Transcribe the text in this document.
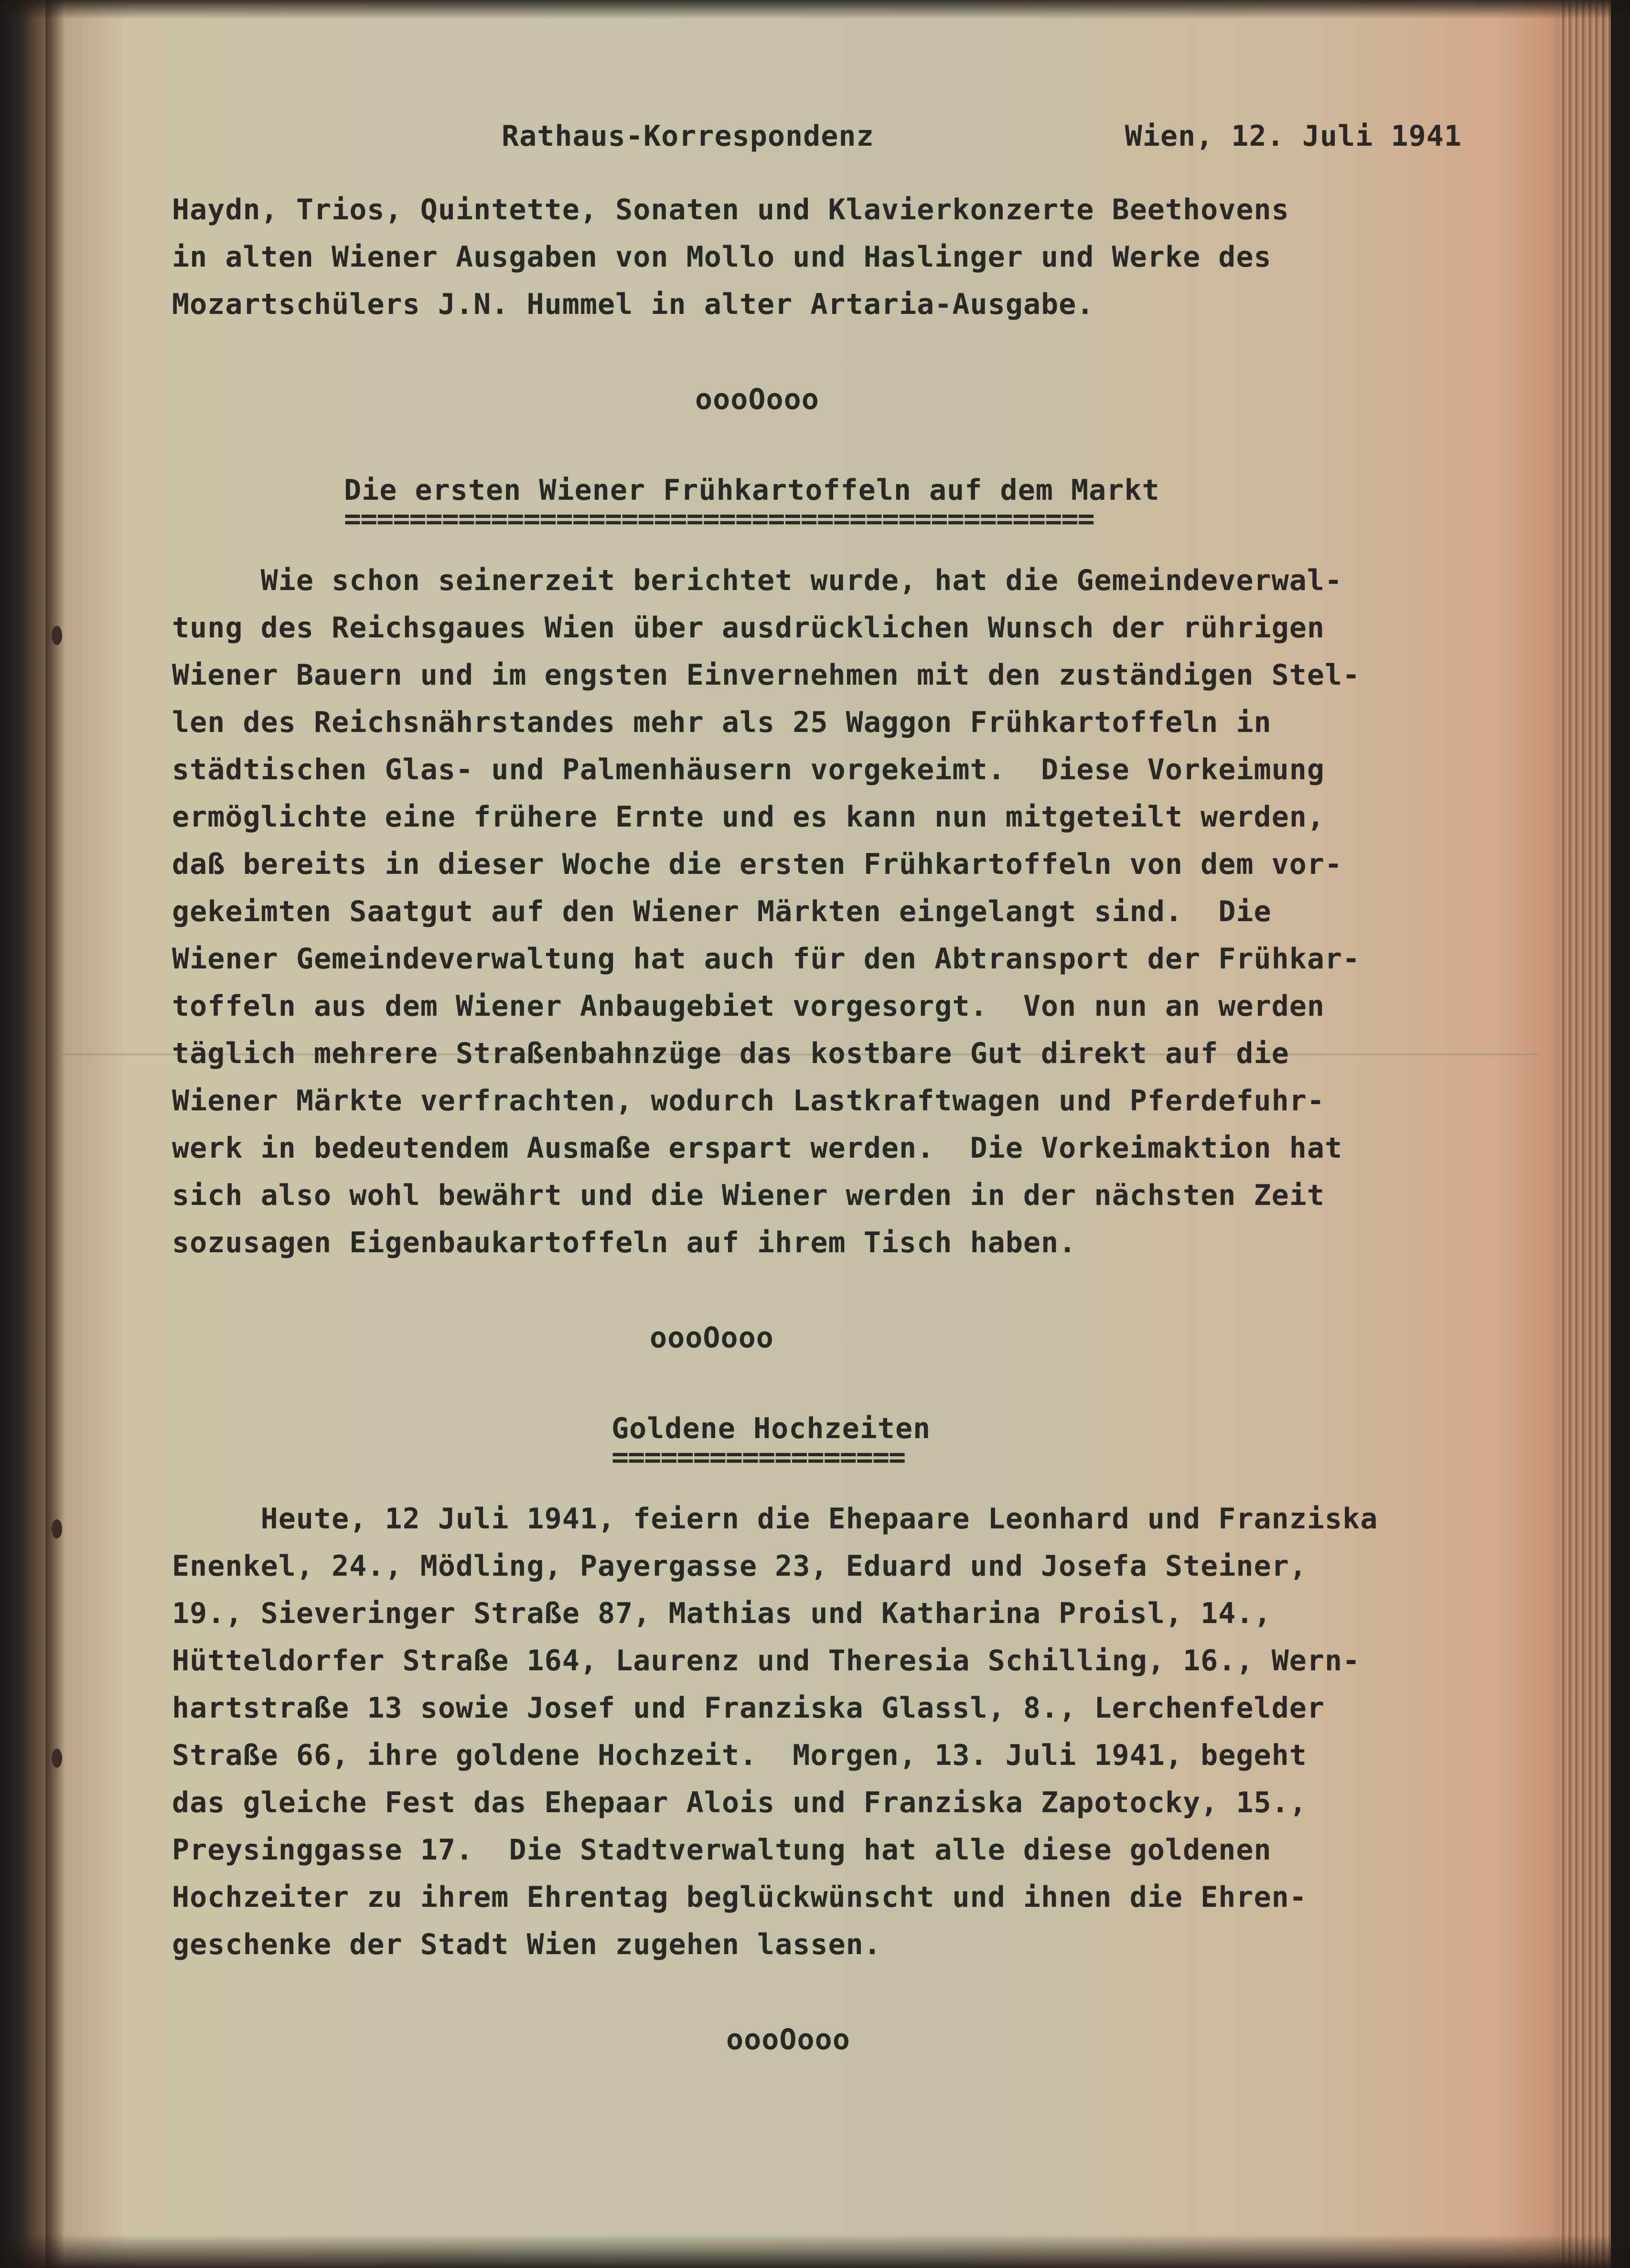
Rathaus-Korrespondenz

	Wien, 12. Juli 1941

Haydn, Trios, Quintette, Sonaten und Klavierkonzerte Beethovens
in alten Wiener Ausgaben von Mollo und Haslinger und Werke des
Mozartschülers J.N. Hummel in alter Artaria-Ausgabe.
oooOooo
Die ersten Wiener Frühkartoffeln auf dem Markt
==============================================
Wie schon seinerzeit berichtet wurde, hat die Gemeindeverwal-
tung des Reichsgaues Wien über ausdrücklichen Wunsch der rührigen
Wiener Bauern und im engsten Einvernehmen mit den zuständigen Stel-
len des Reichsnährstandes mehr als 25 Waggon Frühkartoffeln in
städtischen Glas- und Palmenhäusern vorgekeimt.  Diese Vorkeimung
ermöglichte eine frühere Ernte und es kann nun mitgeteilt werden,
daß bereits in dieser Woche die ersten Frühkartoffeln von dem vor-
gekeimten Saatgut auf den Wiener Märkten eingelangt sind.  Die
Wiener Gemeindeverwaltung hat auch für den Abtransport der Frühkar-
toffeln aus dem Wiener Anbaugebiet vorgesorgt.  Von nun an werden
täglich mehrere Straßenbahnzüge das kostbare Gut direkt auf die
Wiener Märkte verfrachten, wodurch Lastkraftwagen und Pferdefuhr-
werk in bedeutendem Ausmaße erspart werden.  Die Vorkeimaktion hat
sich also wohl bewährt und die Wiener werden in der nächsten Zeit
sozusagen Eigenbaukartoffeln auf ihrem Tisch haben.
oooOooo
Goldene Hochzeiten
==================
Heute, 12 Juli 1941, feiern die Ehepaare Leonhard und Franziska
Enenkel, 24., Mödling, Payergasse 23, Eduard und Josefa Steiner,
19., Sieveringer Straße 87, Mathias und Katharina Proisl, 14.,
Hütteldorfer Straße 164, Laurenz und Theresia Schilling, 16., Wern-
hartstraße 13 sowie Josef und Franziska Glassl, 8., Lerchenfelder
Straße 66, ihre goldene Hochzeit.  Morgen, 13. Juli 1941, begeht
das gleiche Fest das Ehepaar Alois und Franziska Zapotocky, 15.,
Preysinggasse 17.  Die Stadtverwaltung hat alle diese goldenen
Hochzeiter zu ihrem Ehrentag beglückwünscht und ihnen die Ehren-
geschenke der Stadt Wien zugehen lassen.
oooOooo
